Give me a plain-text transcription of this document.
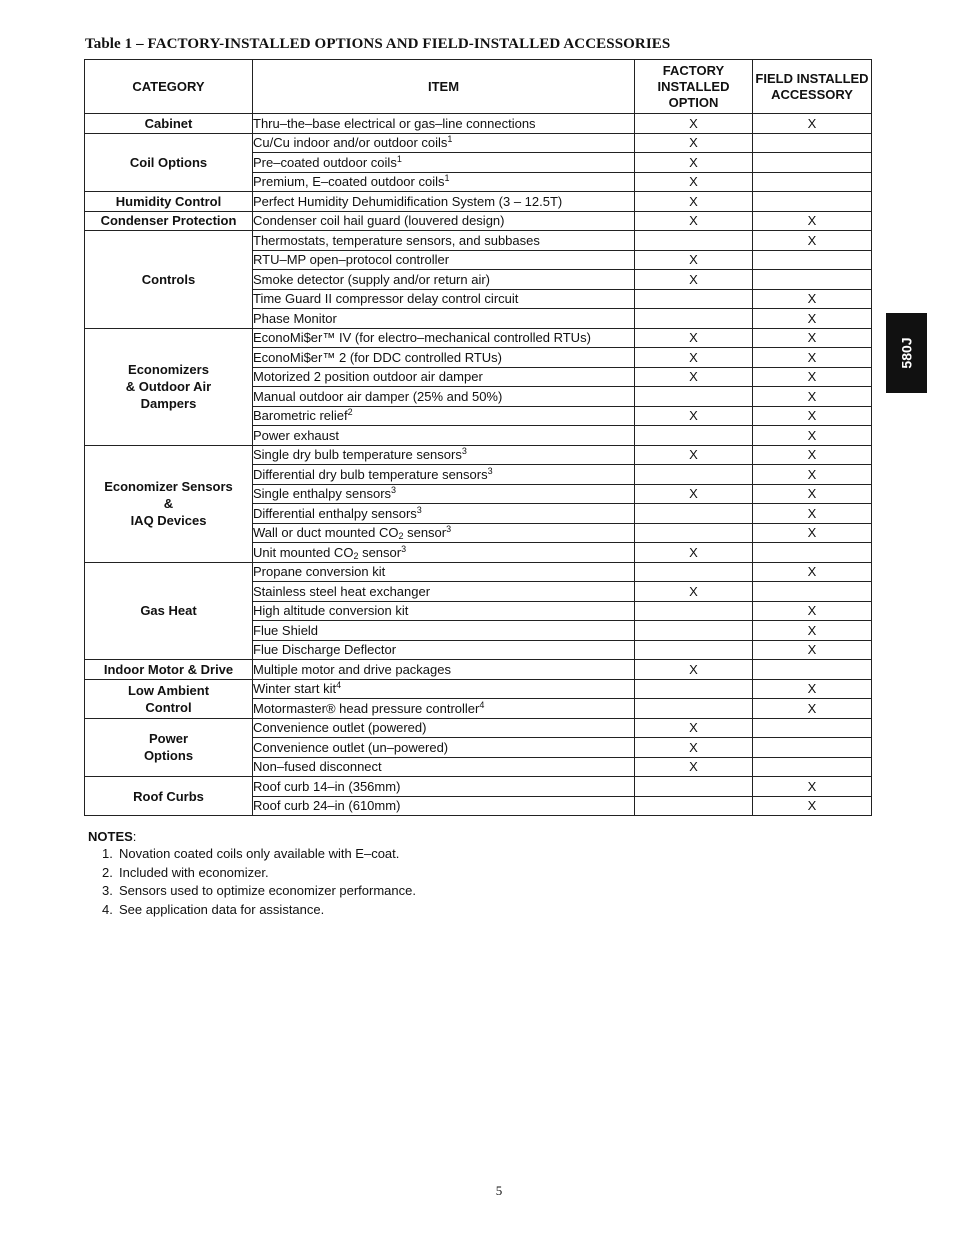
Table 1 – FACTORY-INSTALLED OPTIONS AND FIELD-INSTALLED ACCESSORIES
CATEGORY	ITEM	FACTORY INSTALLED OPTION	FIELD INSTALLED ACCESSORY
Cabinet	Thru–the–base electrical or gas–line connections	X	X
Coil Options	Cu/Cu indoor and/or outdoor coils$^1$	X	
	Pre–coated outdoor coils$^1$	X	
	Premium, E–coated outdoor coils$^1$	X	
Humidity Control	Perfect Humidity Dehumidification System (3 – 12.5T)	X	
Condenser Protection	Condenser coil hail guard (louvered design)	X	X
Controls	Thermostats, temperature sensors, and subbases		X
	RTU–MP open–protocol controller	X	
	Smoke detector (supply and/or return air)	X	
	Time Guard II compressor delay control circuit		X
	Phase Monitor		X
Economizers
& Outdoor Air
Dampers	EconoMi$er™ IV (for electro–mechanical controlled RTUs)	X	X
	EconoMi$er™ 2 (for DDC controlled RTUs)	X	X
	Motorized 2 position outdoor air damper	X	X
	Manual outdoor air damper (25% and 50%)		X
	Barometric relief$^2$	X	X
	Power exhaust		X
Economizer Sensors
&
IAQ Devices	Single dry bulb temperature sensors$^3$	X	X
	Differential dry bulb temperature sensors$^3$		X
	Single enthalpy sensors$^3$	X	X
	Differential enthalpy sensors$^3$		X
	Wall or duct mounted $CO_2$ sensor$^3$		X
	Unit mounted $CO_2$ sensor$^3$	X	
Gas Heat	Propane conversion kit		X
	Stainless steel heat exchanger	X	
	High altitude conversion kit		X
	Flue Shield		X
	Flue Discharge Deflector		X
Indoor Motor & Drive	Multiple motor and drive packages	X	
Low Ambient
Control	Winter start kit$^4$		X
	Motormaster® head pressure controller$^4$		X
Power
Options	Convenience outlet (powered)	X	
	Convenience outlet (un–powered)	X	
	Non–fused disconnect	X	
Roof Curbs	Roof curb 14–in (356mm)		X
	Roof curb 24–in (610mm)		X
NOTES:
1. Novation coated coils only available with E–coat.
2. Included with economizer.
3. Sensors used to optimize economizer performance.
4. See application data for assistance.
580J
5
